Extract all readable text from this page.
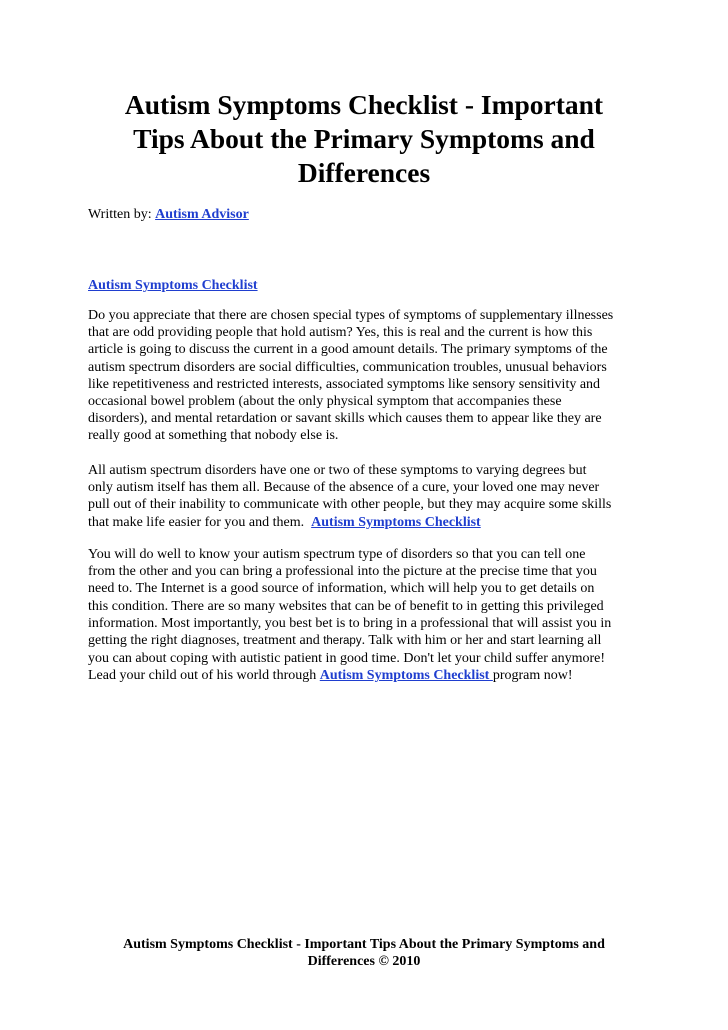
Autism Symptoms Checklist - Important
Tips About the Primary Symptoms and
Differences
Written by: Autism Advisor
Autism Symptoms Checklist

Do you appreciate that there are chosen special types of symptoms of supplementary illnesses
that are odd providing people that hold autism? Yes, this is real and the current is how this
article is going to discuss the current in a good amount details. The primary symptoms of the
autism spectrum disorders are social difficulties, communication troubles, unusual behaviors
like repetitiveness and restricted interests, associated symptoms like sensory sensitivity and
occasional bowel problem (about the only physical symptom that accompanies these
disorders), and mental retardation or savant skills which causes them to appear like they are
really good at something that nobody else is.

All autism spectrum disorders have one or two of these symptoms to varying degrees but
only autism itself has them all. Because of the absence of a cure, your loved one may never
pull out of their inability to communicate with other people, but they may acquire some skills
that make life easier for you and them. Autism Symptoms Checklist

You will do well to know your autism spectrum type of disorders so that you can tell one
from the other and you can bring a professional into the picture at the precise time that you
need to. The Internet is a good source of information, which will help you to get details on
this condition. There are so many websites that can be of benefit to in getting this privileged
information. Most importantly, you best bet is to bring in a professional that will assist you in
getting the right diagnoses, treatment and therapy. Talk with him or her and start learning all
you can about coping with autistic patient in good time. Don't let your child suffer anymore!
Lead your child out of his world through Autism Symptoms Checklist program now!

Autism Symptoms Checklist - Important Tips About the Primary Symptoms and
Differences © 2010
